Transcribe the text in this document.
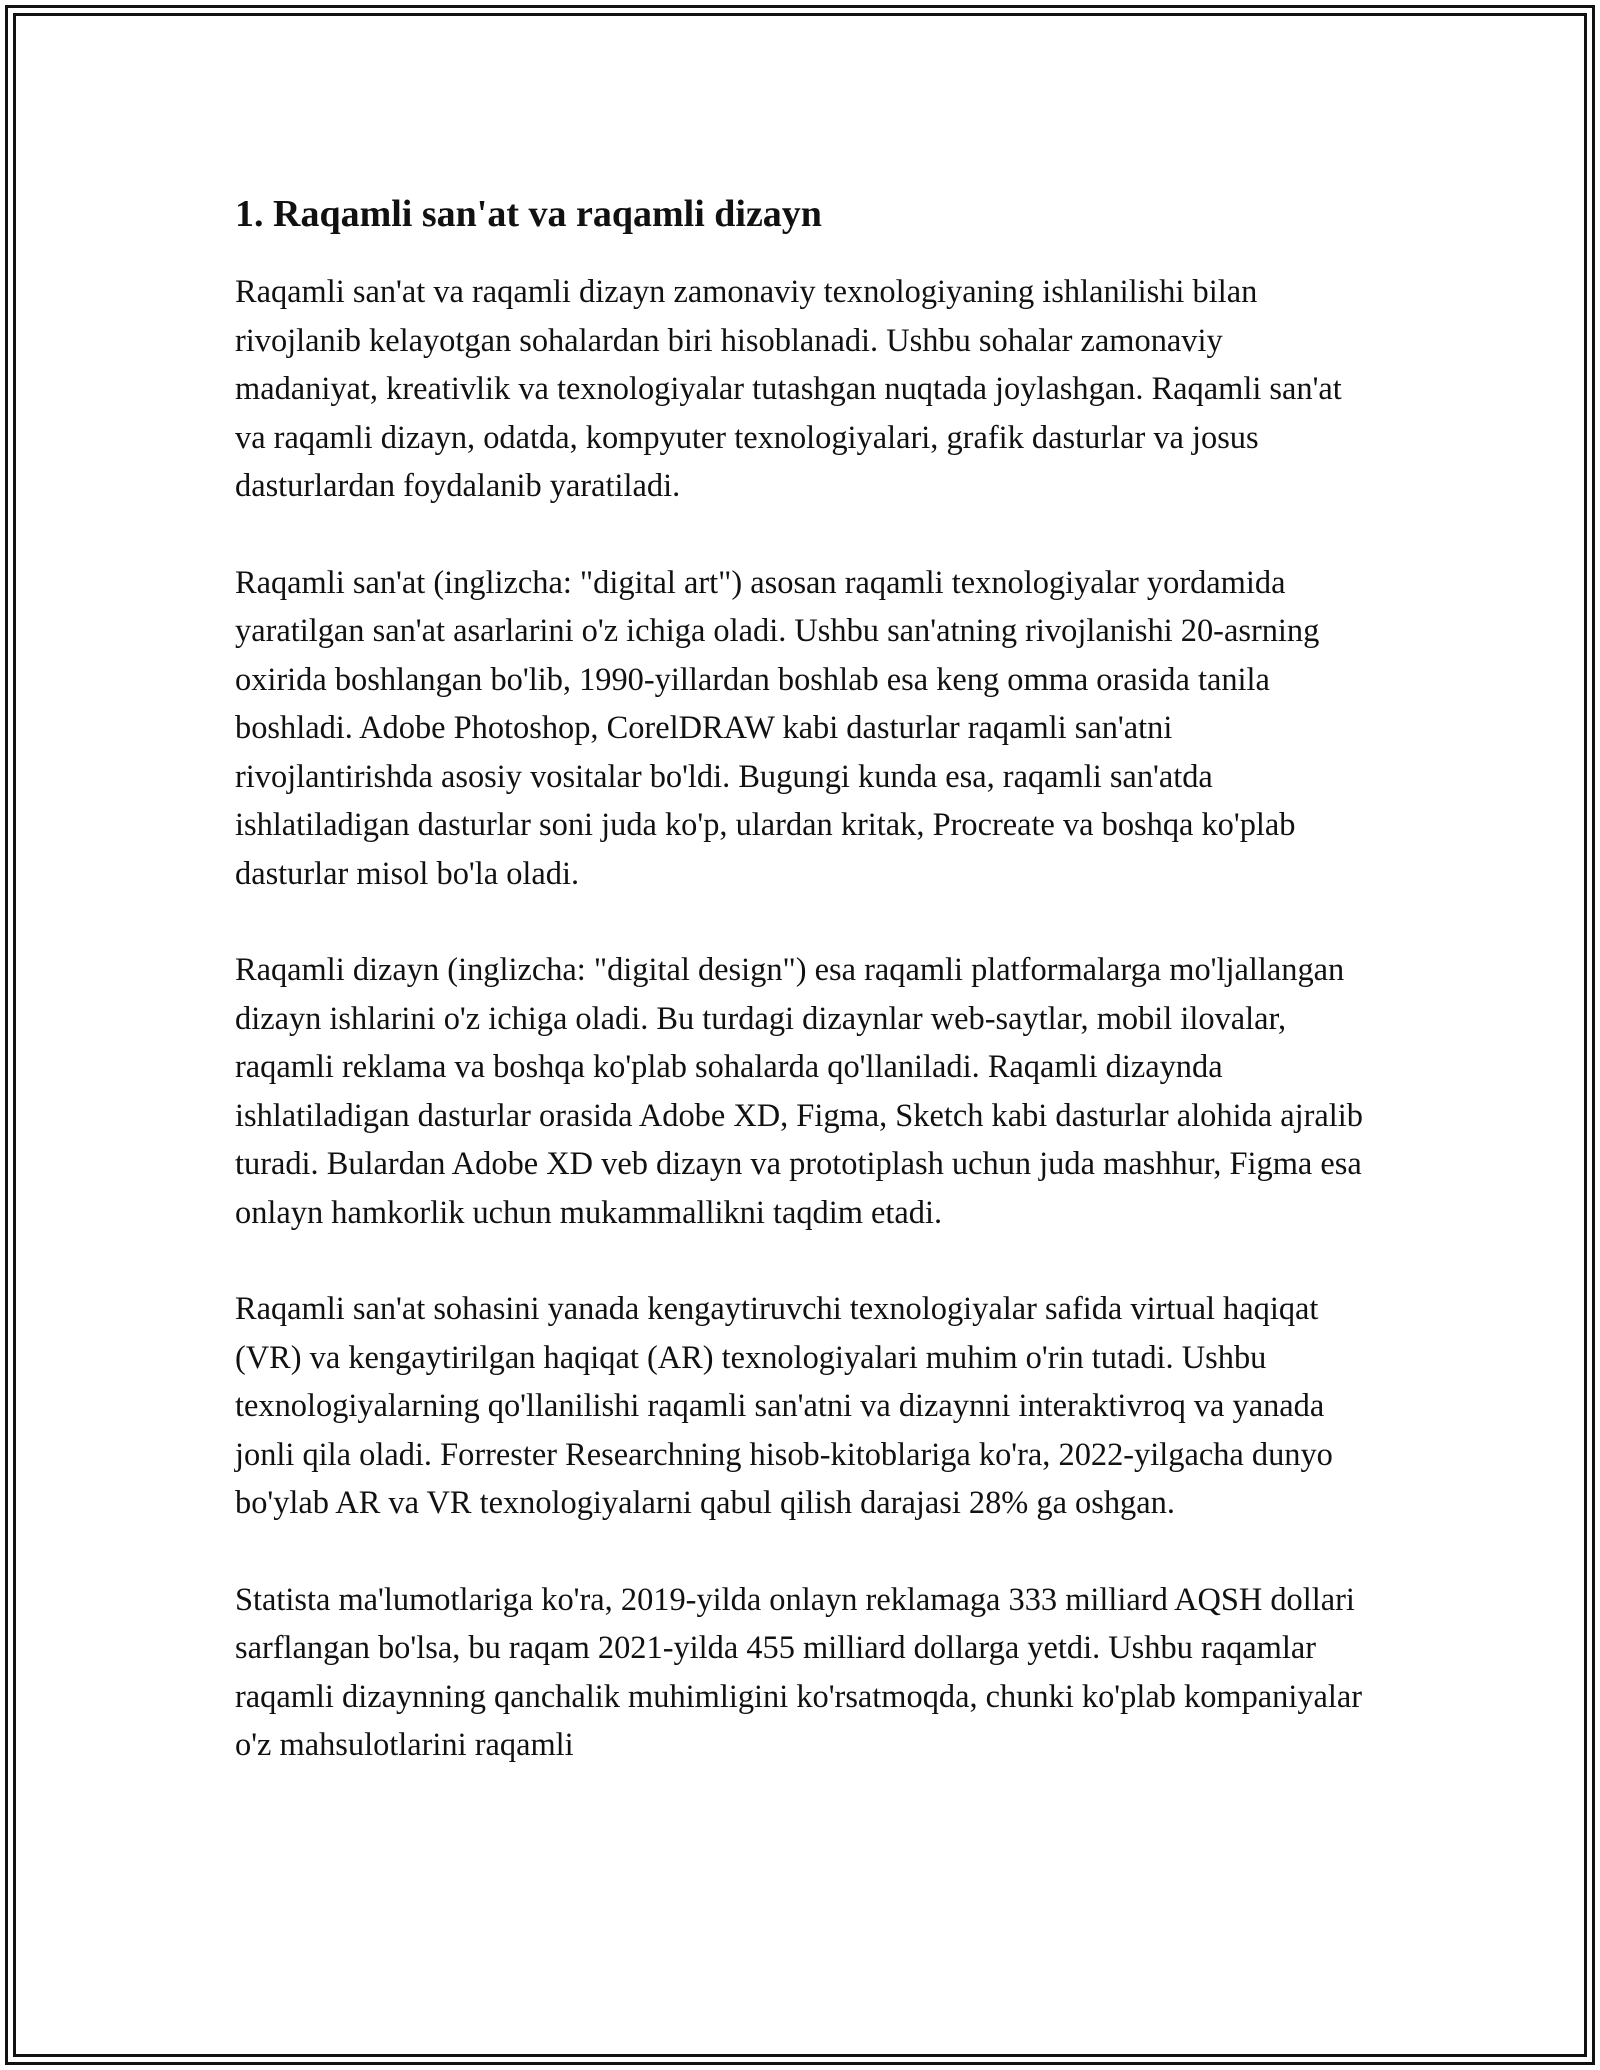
1. Raqamli san'at va raqamli dizayn

Raqamli san'at va raqamli dizayn zamonaviy texnologiyaning ishlanilishi bilan rivojlanib kelayotgan sohalardan biri hisoblanadi. Ushbu sohalar zamonaviy madaniyat, kreativlik va texnologiyalar tutashgan nuqtada joylashgan. Raqamli san'at va raqamli dizayn, odatda, kompyuter texnologiyalari, grafik dasturlar va josus dasturlardan foydalanib yaratiladi.

Raqamli san'at (inglizcha: "digital art") asosan raqamli texnologiyalar yordamida yaratilgan san'at asarlarini o'z ichiga oladi. Ushbu san'atning rivojlanishi 20-asrning oxirida boshlangan bo'lib, 1990-yillardan boshlab esa keng omma orasida tanila boshladi. Adobe Photoshop, CorelDRAW kabi dasturlar raqamli san'atni rivojlantirishda asosiy vositalar bo'ldi. Bugungi kunda esa, raqamli san'atda ishlatiladigan dasturlar soni juda ko'p, ulardan kritak, Procreate va boshqa ko'plab dasturlar misol bo'la oladi.

Raqamli dizayn (inglizcha: "digital design") esa raqamli platformalarga mo'ljallangan dizayn ishlarini o'z ichiga oladi. Bu turdagi dizaynlar web-saytlar, mobil ilovalar, raqamli reklama va boshqa ko'plab sohalarda qo'llaniladi. Raqamli dizaynda ishlatiladigan dasturlar orasida Adobe XD, Figma, Sketch kabi dasturlar alohida ajralib turadi. Bulardan Adobe XD veb dizayn va prototiplash uchun juda mashhur, Figma esa onlayn hamkorlik uchun mukammallikni taqdim etadi.

Raqamli san'at sohasini yanada kengaytiruvchi texnologiyalar safida virtual haqiqat (VR) va kengaytirilgan haqiqat (AR) texnologiyalari muhim o'rin tutadi. Ushbu texnologiyalarning qo'llanilishi raqamli san'atni va dizaynni interaktivroq va yanada jonli qila oladi. Forrester Researchning hisob-kitoblariga ko'ra, 2022-yilgacha dunyo bo'ylab AR va VR texnologiyalarni qabul qilish darajasi 28% ga oshgan.

Statista ma'lumotlariga ko'ra, 2019-yilda onlayn reklamaga 333 milliard AQSH dollari sarflangan bo'lsa, bu raqam 2021-yilda 455 milliard dollarga yetdi. Ushbu raqamlar raqamli dizaynning qanchalik muhimligini ko'rsatmoqda, chunki ko'plab kompaniyalar o'z mahsulotlarini raqamli
